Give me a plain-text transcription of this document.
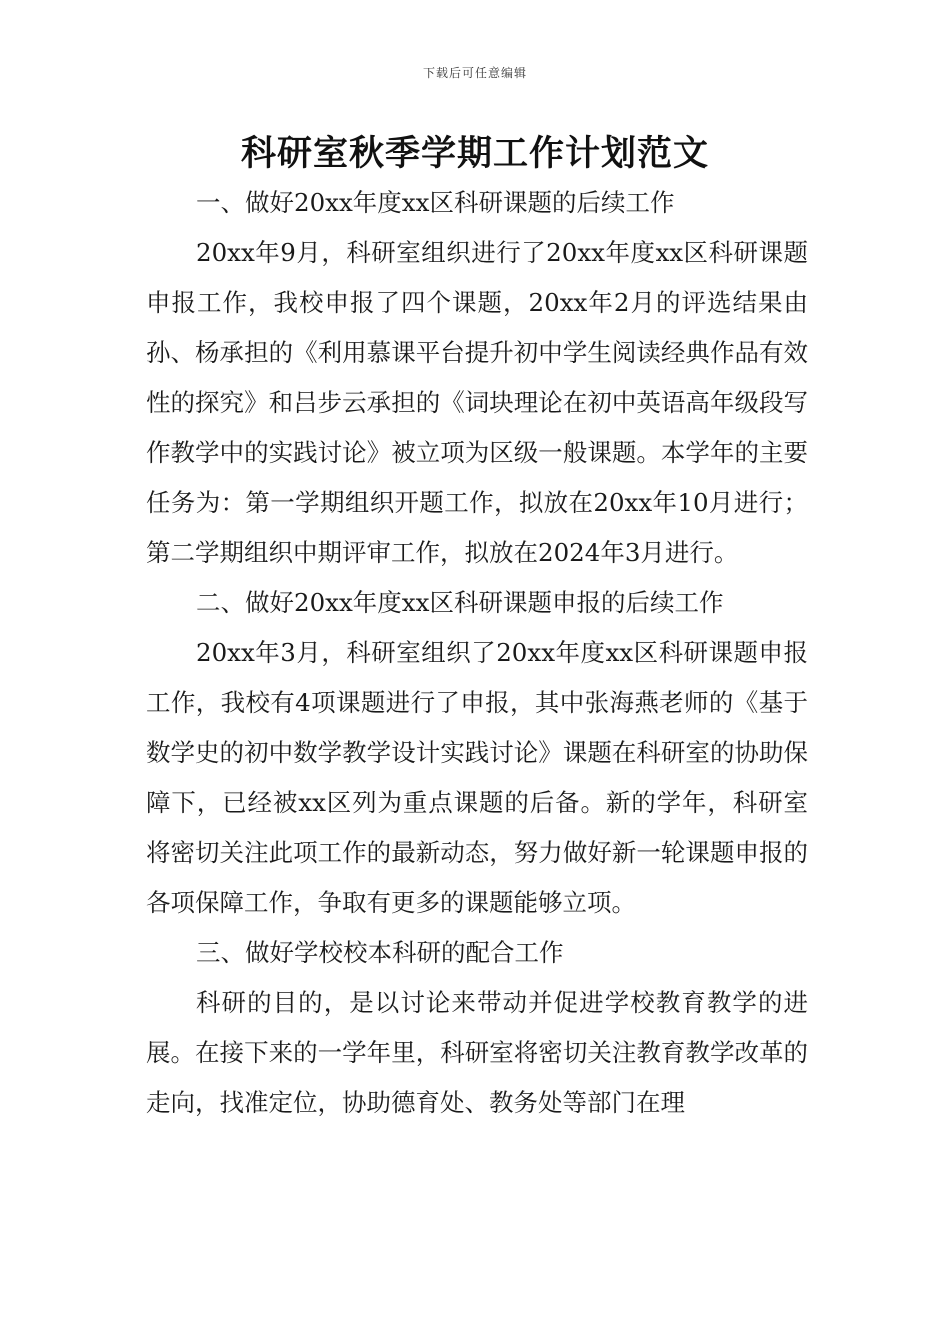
下载后可任意编辑
科研室秋季学期工作计划范文

一、做好20xx年度xx区科研课题的后续工作

20xx年9月，科研室组织进行了20xx年度xx区科研课题申报工作，我校申报了四个课题，20xx年2月的评选结果由孙、杨承担的《利用慕课平台提升初中学生阅读经典作品有效性的探究》和吕步云承担的《词块理论在初中英语高年级段写作教学中的实践讨论》被立项为区级一般课题。本学年的主要任务为：第一学期组织开题工作，拟放在20xx年10月进行；第二学期组织中期评审工作，拟放在2024年3月进行。

二、做好20xx年度xx区科研课题申报的后续工作

20xx年3月，科研室组织了20xx年度xx区科研课题申报工作，我校有4项课题进行了申报，其中张海燕老师的《基于数学史的初中数学教学设计实践讨论》课题在科研室的协助保障下，已经被xx区列为重点课题的后备。新的学年，科研室将密切关注此项工作的最新动态，努力做好新一轮课题申报的各项保障工作，争取有更多的课题能够立项。

三、做好学校校本科研的配合工作

科研的目的，是以讨论来带动并促进学校教育教学的进展。在接下来的一学年里，科研室将密切关注教育教学改革的走向，找准定位，协助德育处、教务处等部门在理
